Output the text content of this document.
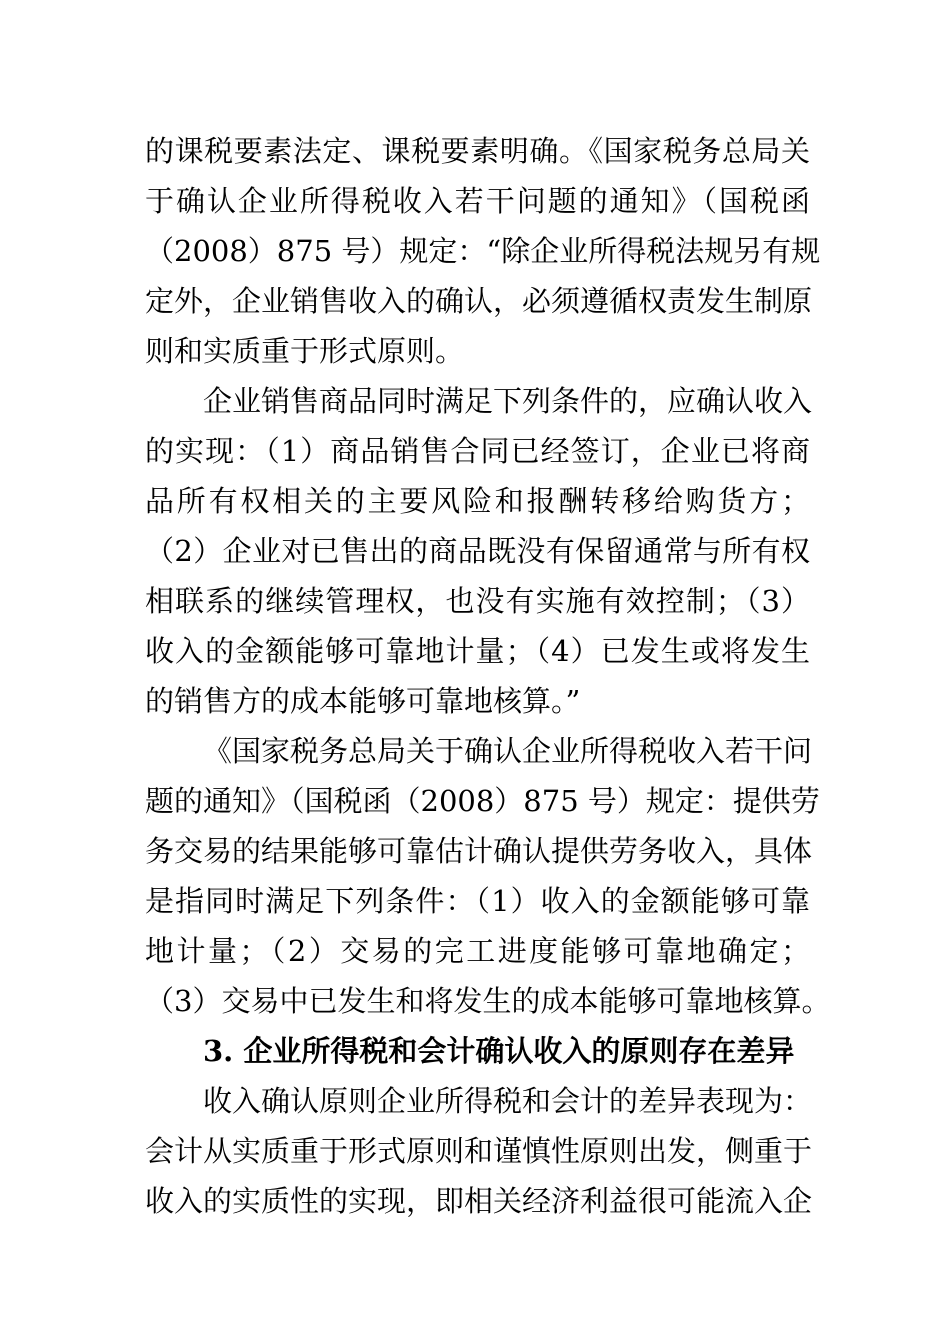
的课税要素法定、课税要素明确。《国家税务总局关
于确认企业所得税收入若干问题的通知》（国税函
（2008）875 号）规定：“除企业所得税法规另有规
定外，企业销售收入的确认，必须遵循权责发生制原
则和实质重于形式原则。
企业销售商品同时满足下列条件的，应确认收入
的实现：（1）商品销售合同已经签订，企业已将商
品所有权相关的主要风险和报酬转移给购货方；
（2）企业对已售出的商品既没有保留通常与所有权
相联系的继续管理权，也没有实施有效控制；（3）
收入的金额能够可靠地计量；（4）已发生或将发生
的销售方的成本能够可靠地核算。”
《国家税务总局关于确认企业所得税收入若干问
题的通知》（国税函（2008）875 号）规定：提供劳
务交易的结果能够可靠估计确认提供劳务收入，具体
是指同时满足下列条件：（1）收入的金额能够可靠
地计量；（2）交易的完工进度能够可靠地确定；
（3）交易中已发生和将发生的成本能够可靠地核算。
3. 企业所得税和会计确认收入的原则存在差异
收入确认原则企业所得税和会计的差异表现为：
会计从实质重于形式原则和谨慎性原则出发，侧重于
收入的实质性的实现，即相关经济利益很可能流入企
